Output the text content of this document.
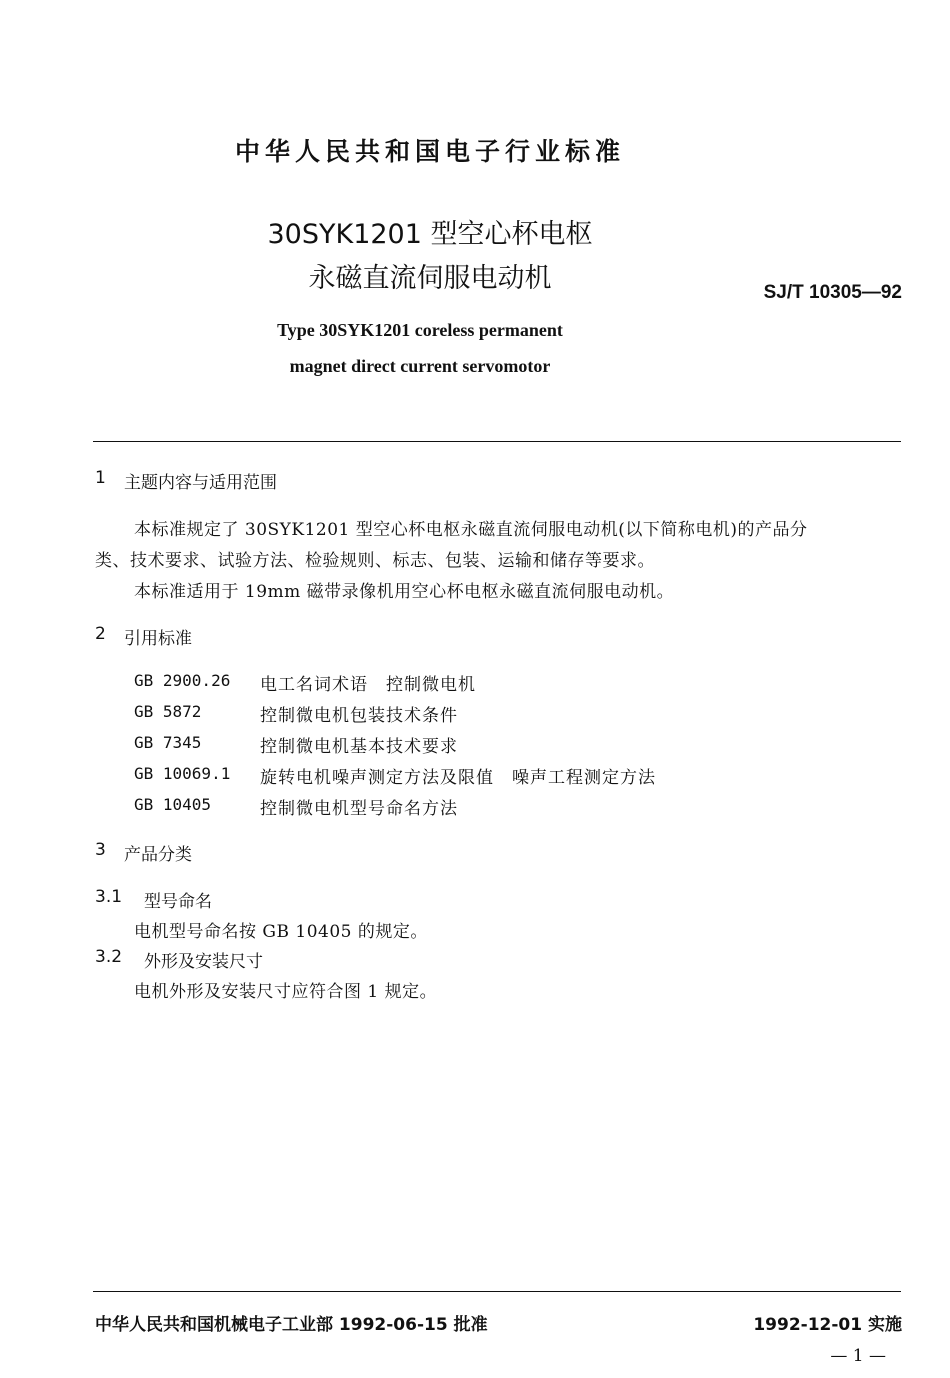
中华人民共和国电子行业标准
30SYK1201 型空心杯电枢
永磁直流伺服电动机	SJ/T 10305—92
Type 30SYK1201 coreless permanent
magnet direct current servomotor
1 主题内容与适用范围
本标准规定了 30SYK1201 型空心杯电枢永磁直流伺服电动机(以下简称电机)的产品分
类、技术要求、试验方法、检验规则、标志、包装、运输和储存等要求。
本标准适用于 19mm 磁带录像机用空心杯电枢永磁直流伺服电动机。
2 引用标准
GB 2900.26 电工名词术语　控制微电机
GB 5872	控制微电机包装技术条件
GB 7345	控制微电机基本技术要求
GB 10069.1 旋转电机噪声测定方法及限值　噪声工程测定方法
GB 10405	控制微电机型号命名方法
3 产品分类
3.1 型号命名
电机型号命名按 GB 10405 的规定。
3.2 外形及安装尺寸
电机外形及安装尺寸应符合图 1 规定。
中华人民共和国机械电子工业部 1992-06-15 批准	1992-12-01 实施
— 1 —
